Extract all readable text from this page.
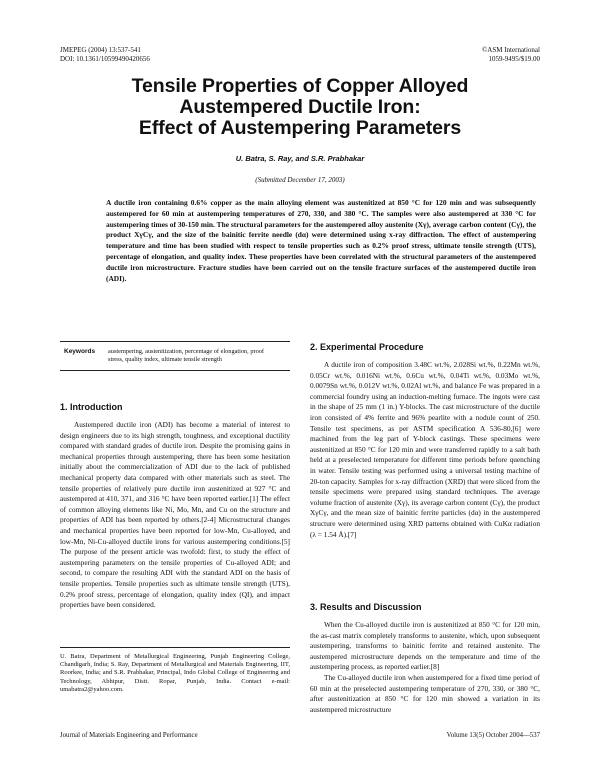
JMEPEG (2004) 13:537-541
DOI: 10.1361/10599490420656
©ASM International
1059-9495/$19.00
Tensile Properties of Copper Alloyed
Austempered Ductile Iron:
Effect of Austempering Parameters
U. Batra, S. Ray, and S.R. Prabhakar
(Submitted December 17, 2003)
A ductile iron containing 0.6% copper as the main alloying element was austenitized at 850 °C for 120 min and was subsequently austempered for 60 min at austempering temperatures of 270, 330, and 380 °C. The samples were also austempered at 330 °C for austempering times of 30-150 min. The structural parameters for the austempered alloy austenite (Xγ), average carbon content (Cγ), the product XγCγ, and the size of the bainitic ferrite needle (dα) were determined using x-ray diffraction. The effect of austempering temperature and time has been studied with respect to tensile properties such as 0.2% proof stress, ultimate tensile strength (UTS), percentage of elongation, and quality index. These properties have been correlated with the structural parameters of the austempered ductile iron microstructure. Fracture studies have been carried out on the tensile fracture surfaces of the austempered ductile iron (ADI).
Keywords	austempering, austenitization, percentage of elongation, proof stress, quality index, ultimate tensile strength
1. Introduction

Austempered ductile iron (ADI) has become a material of interest to design engineers due to its high strength, toughness, and exceptional ductility compared with standard grades of ductile iron. Despite the promising gains in mechanical properties through austempering, there has been some hesitation initially about the commercialization of ADI due to the lack of published mechanical property data compared with other materials such as steel. The tensile properties of relatively pure ductile iron austenitized at 927 °C and austempered at 410, 371, and 316 °C have been reported earlier.[1] The effect of common alloying elements like Ni, Mo, Mn, and Cu on the structure and properties of ADI has been reported by others.[2-4] Microstructural changes and mechanical properties have been reported for low-Mn, Cu-alloyed, and low-Mn, Ni-Cu-alloyed ductile irons for various austempering conditions.[5] The purpose of the present article was twofold: first, to study the effect of austempering parameters on the tensile properties of Cu-alloyed ADI; and second, to compare the resulting ADI with the standard ADI on the basis of tensile properties. Tensile properties such as ultimate tensile strength (UTS), 0.2% proof stress, percentage of elongation, quality index (QI), and impact properties have been considered.

U. Batra, Department of Metallurgical Engineering, Punjab Engineering College, Chandigarh, India; S. Ray, Department of Metallurgical and Materials Engineering, IIT, Roorkee, India; and S.R. Prabhakar, Principal, Indo Global College of Engineering and Technology, Abhipur, Distt. Ropar, Punjab, India. Contact e-mail: umabatra2@yahoo.com.
2. Experimental Procedure

A ductile iron of composition 3.48C wt.%, 2.028Si wt.%, 0.22Mn wt.%, 0.05Cr wt.%, 0.016Ni wt.%, 0.6Cu wt.%, 0.04Ti wt.%, 0.03Mo wt.%, 0.0079Sn wt.%, 0.012V wt.%, 0.02Al wt.%, and balance Fe was prepared in a commercial foundry using an induction-melting furnace. The ingots were cast in the shape of 25 mm (1 in.) Y-blocks. The cast microstructure of the ductile iron consisted of 4% ferrite and 96% pearlite with a nodule count of 250. Tensile test specimens, as per ASTM specification A 536-80,[6] were machined from the leg part of Y-block castings. These specimens were austenitized at 850 °C for 120 min and were transferred rapidly to a salt bath held at a preselected temperature for different time periods before quenching in water. Tensile testing was performed using a universal testing machine of 20-ton capacity. Samples for x-ray diffraction (XRD) that were sliced from the tensile specimens were prepared using standard techniques. The average volume fraction of austenite (Xγ), its average carbon content (Cγ), the product XγCγ, and the mean size of bainitic ferrite particles (dα) in the austempered structure were determined using XRD patterns obtained with CuKα radiation (λ = 1.54 Å).[7]

3. Results and Discussion

When the Cu-alloyed ductile iron is austenitized at 850 °C for 120 min, the as-cast matrix completely transforms to austenite, which, upon subsequent austempering, transforms to bainitic ferrite and retained austenite. The austempered microstructure depends on the temperature and time of the austempering process, as reported earlier.[8]

The Cu-alloyed ductile iron when austempered for a fixed time period of 60 min at the preselected austempering temperature of 270, 330, or 380 °C, after austenitization at 850 °C for 120 min showed a variation in its austempered microstructure

Journal of Materials Engineering and Performance	Volume 13(5) October 2004—537
